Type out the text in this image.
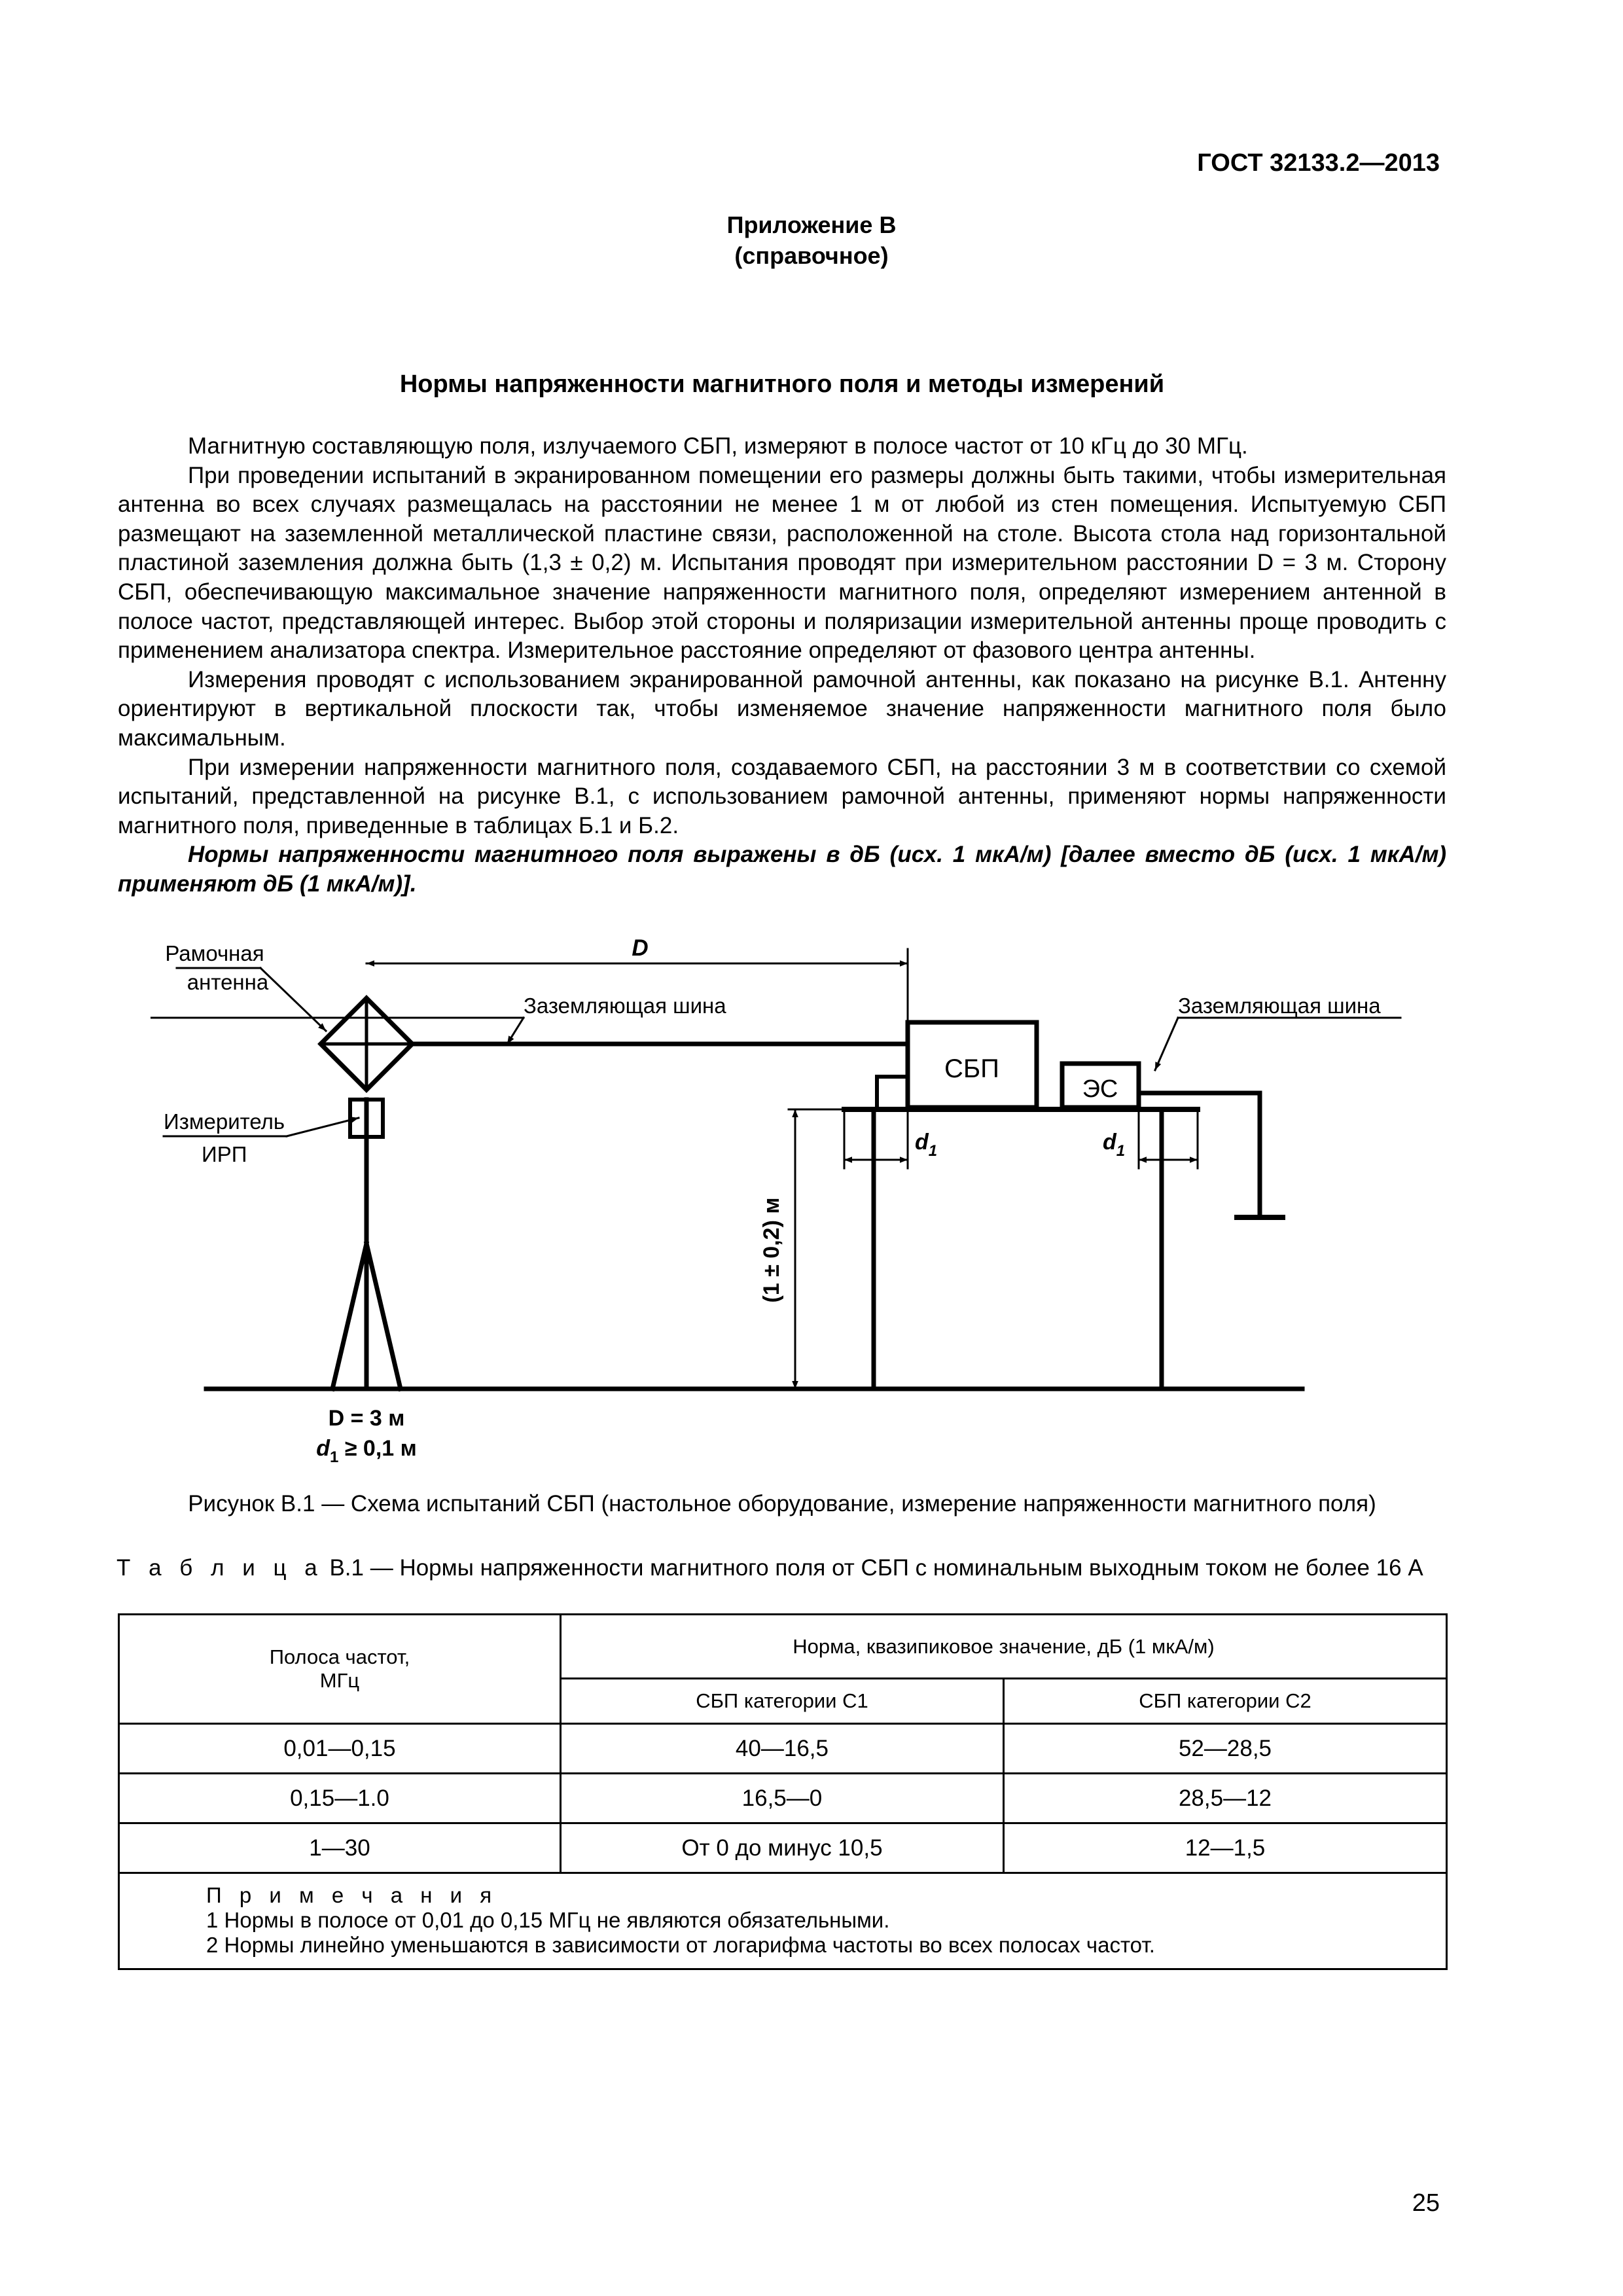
ГОСТ 32133.2—2013
Приложение В
(справочное)
Нормы напряженности магнитного поля и методы измерений

Магнитную составляющую поля, излучаемого СБП, измеряют в полосе частот от 10 кГц до 30 МГц.

При проведении испытаний в экранированном помещении его размеры должны быть такими, чтобы измерительная антенна во всех случаях размещалась на расстоянии не менее 1 м от любой из стен помещения. Испытуемую СБП размещают на заземленной металлической пластине связи, расположенной на столе. Высота стола над горизонтальной пластиной заземления должна быть (1,3 ± 0,2) м. Испытания проводят при измерительном расстоянии D = 3 м. Сторону СБП, обеспечивающую максимальное значение напряженности магнитного поля, определяют измерением антенной в полосе частот, представляющей интерес. Выбор этой стороны и поляризации измерительной антенны проще проводить с применением анализатора спектра. Измерительное расстояние определяют от фазового центра антенны.

Измерения проводят с использованием экранированной рамочной антенны, как показано на рисунке В.1. Антенну ориентируют в вертикальной плоскости так, чтобы изменяемое значение напряженности магнитного поля было максимальным.

При измерении напряженности магнитного поля, создаваемого СБП, на расстоянии 3 м в соответствии со схемой испытаний, представленной на рисунке В.1, с использованием рамочной антенны, применяют нормы напряженности магнитного поля, приведенные в таблицах Б.1 и Б.2.

Нормы напряженности магнитного поля выражены в дБ (исх. 1 мкА/м) [далее вместо дБ (исх. 1 мкА/м) применяют дБ (1 мкА/м)].

Рамочная
антенна
D
Заземляющая шина	Заземляющая шина
СБП
ЭС
Измеритель
ИРП
(1 ± 0,2) м
$d_1$	$d_1$
D = 3 м
$d_1 \ge 0,1$ м
Рисунок В.1 — Схема испытаний СБП (настольное оборудование, измерение напряженности магнитного поля)
Т а б л и ц а В.1 — Нормы напряженности магнитного поля от СБП с номинальным выходным током не более 16 А
Полоса частот,
МГц	Норма, квазипиковое значение, дБ (1 мкА/м)	
	СБП категории С1	СБП категории С2
0,01—0,15	40—16,5	52—28,5
0,15—1.0	16,5—0	28,5—12
1—30	От 0 до минус 10,5	12—1,5

П р и м е ч а н и я
1 Нормы в полосе от 0,01 до 0,15 МГц не являются обязательными.
2 Нормы линейно уменьшаются в зависимости от логарифма частоты во всех полосах частот.		
25
